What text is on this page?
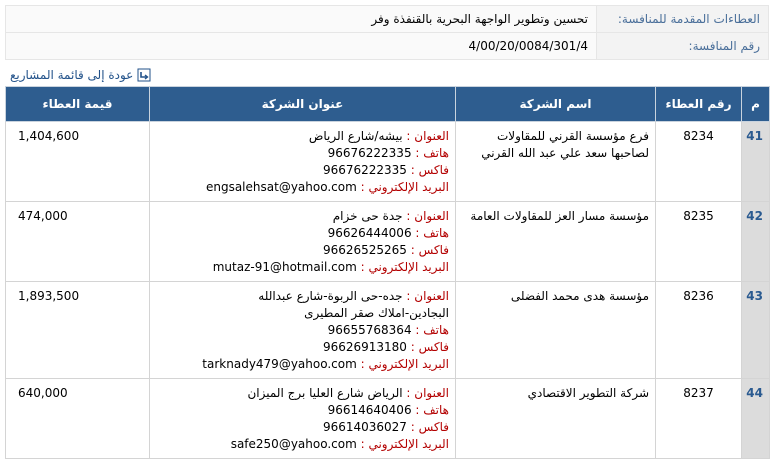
العطاءات المقدمة للمنافسة:	تحسين وتطوير الواجهة البحرية بالقنفذة وفر
رقم المنافسة:	4/00/20/0084/301/4
عودة إلى قائمة المشاريع
م	رقم العطاء	اسم الشركة	عنوان الشركة	قيمة العطاء
41	8234	فرع مؤسسة القرني للمقاولات
لصاحبها سعد علي عبد الله القرني	العنوان : بيشه/شارع الرياض
هاتف : 96676222335
فاكس : 96676222335
البريد الإلكتروني : engsalehsat@yahoo.com	1,404,600
42	8235	مؤسسة مسار العز للمقاولات العامة	العنوان : جدة حى خزام
هاتف : 96626444006
فاكس : 96626525265
البريد الإلكتروني : mutaz-91@hotmail.com	474,000
43	8236	مؤسسة هدى محمد الفضلى	العنوان : جده-حى الربوة-شارع عبدالله
البجادين-املاك صقر المطيرى
هاتف : 96655768364
فاكس : 96626913180
البريد الإلكتروني : tarknady479@yahoo.com	1,893,500
44	8237	شركة التطوير الاقتصادي	العنوان : الرياض شارع العليا برج الميزان
هاتف : 96614640406
فاكس : 96614036027
البريد الإلكتروني : safe250@yahoo.com	640,000
